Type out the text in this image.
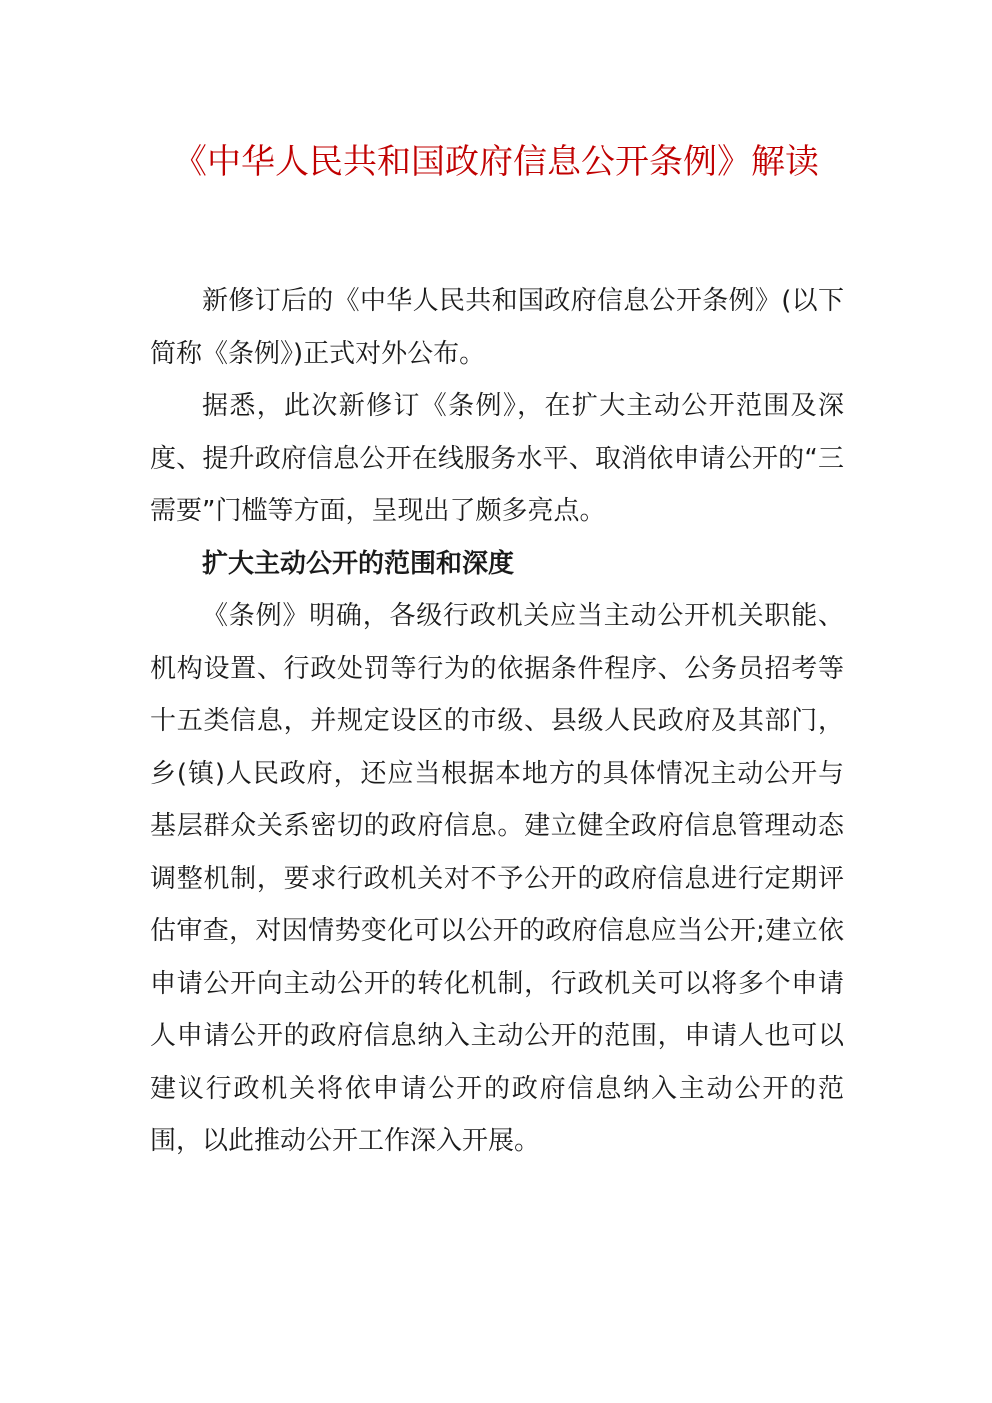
《中华人民共和国政府信息公开条例》解读

新修订后的《中华人民共和国政府信息公开条例》(以下简称《条例》)正式对外公布。

据悉，此次新修订《条例》，在扩大主动公开范围及深度、提升政府信息公开在线服务水平、取消依申请公开的“三需要”门槛等方面，呈现出了颇多亮点。

扩大主动公开的范围和深度

《条例》明确，各级行政机关应当主动公开机关职能、机构设置、行政处罚等行为的依据条件程序、公务员招考等十五类信息，并规定设区的市级、县级人民政府及其部门，乡(镇)人民政府，还应当根据本地方的具体情况主动公开与基层群众关系密切的政府信息。建立健全政府信息管理动态调整机制，要求行政机关对不予公开的政府信息进行定期评估审查，对因情势变化可以公开的政府信息应当公开;建立依申请公开向主动公开的转化机制，行政机关可以将多个申请人申请公开的政府信息纳入主动公开的范围，申请人也可以建议行政机关将依申请公开的政府信息纳入主动公开的范围，以此推动公开工作深入开展。
